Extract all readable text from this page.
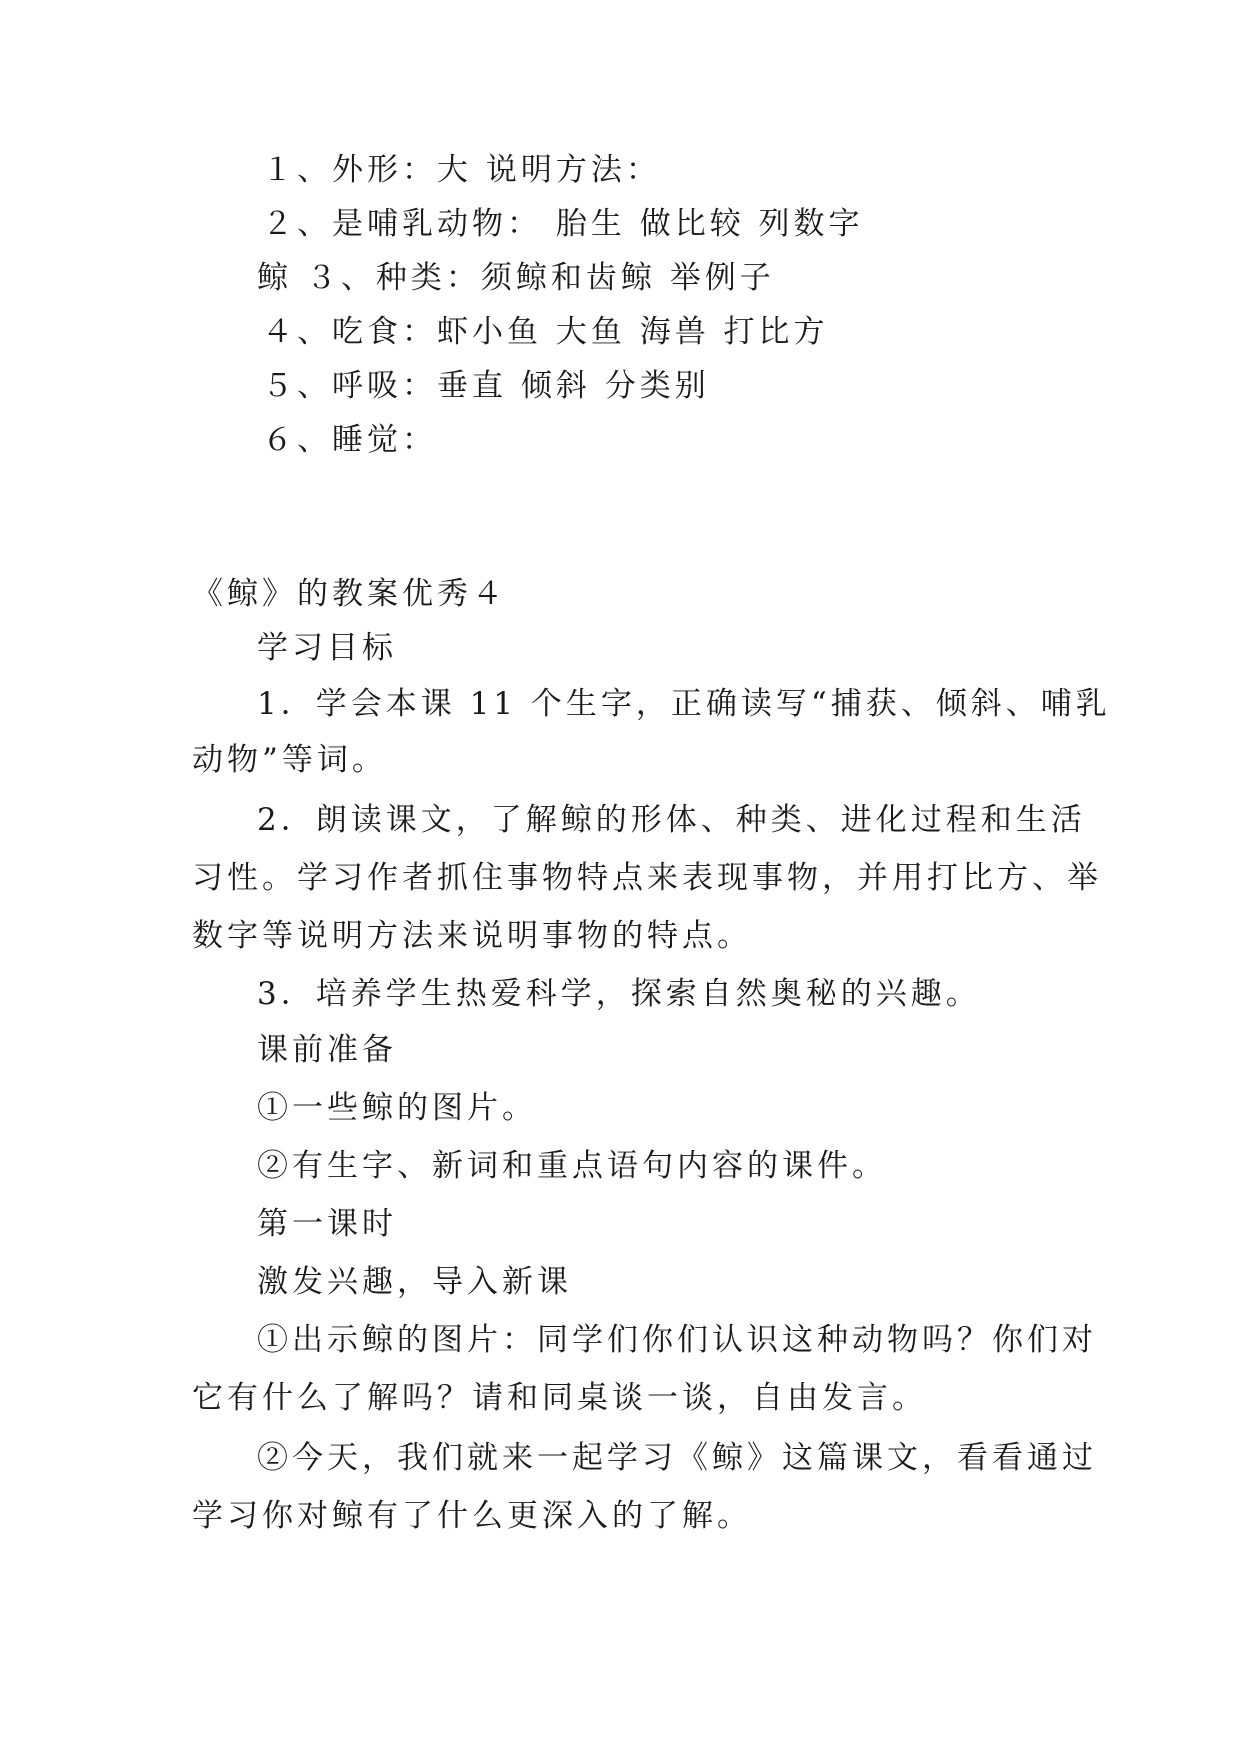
１、外形：大 说明方法：
２、是哺乳动物： 胎生 做比较 列数字
鲸 ３、种类：须鲸和齿鲸 举例子
４、吃食：虾小鱼 大鱼 海兽 打比方
５、呼吸：垂直 倾斜 分类别
６、睡觉：
《鲸》的教案优秀４
学习目标
1．学会本课 11 个生字，正确读写“捕获、倾斜、哺乳
动物”等词。
2．朗读课文，了解鲸的形体、种类、进化过程和生活
习性。学习作者抓住事物特点来表现事物，并用打比方、举
数字等说明方法来说明事物的特点。
3．培养学生热爱科学，探索自然奥秘的兴趣。
课前准备
①一些鲸的图片。
②有生字、新词和重点语句内容的课件。
第一课时
激发兴趣，导入新课
①出示鲸的图片：同学们你们认识这种动物吗？你们对
它有什么了解吗？请和同桌谈一谈，自由发言。
②今天，我们就来一起学习《鲸》这篇课文，看看通过
学习你对鲸有了什么更深入的了解。
